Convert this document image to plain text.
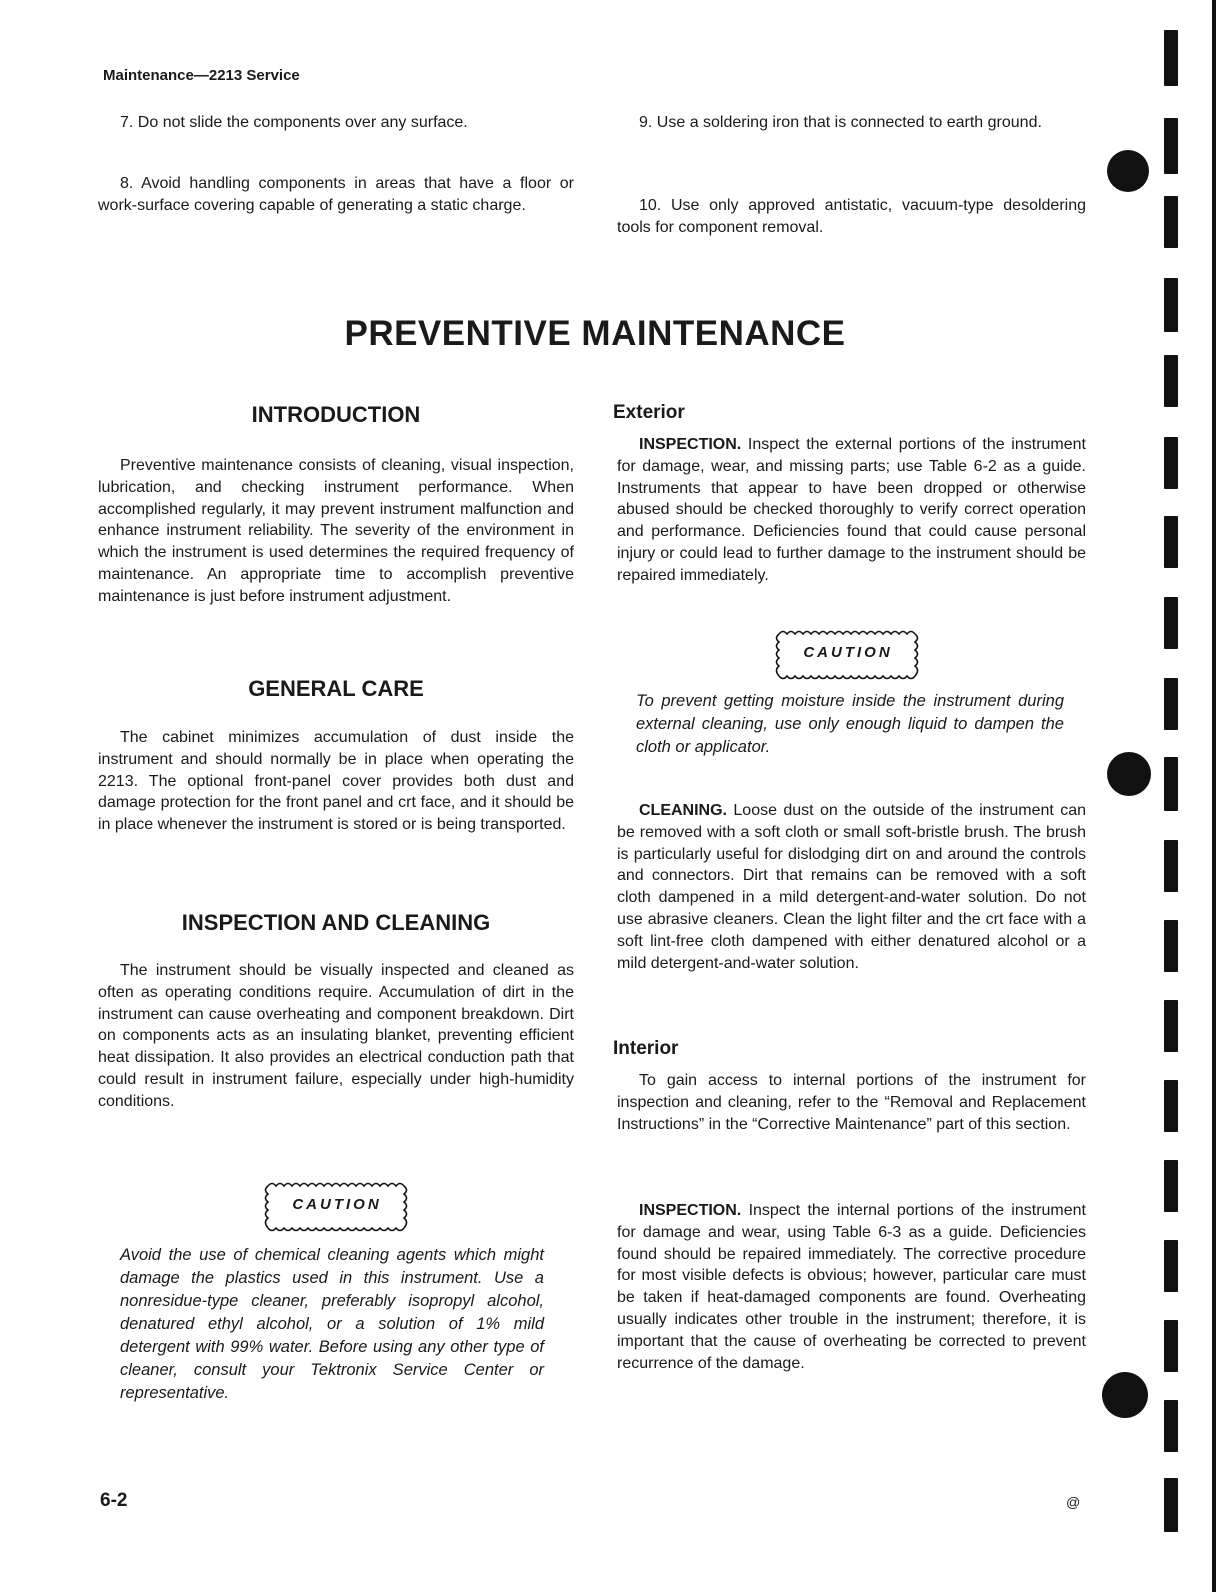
Maintenance—2213 Service

7. Do not slide the components over any surface.

8. Avoid handling components in areas that have a floor or work-surface covering capable of generating a static charge.

9. Use a soldering iron that is connected to earth ground.

10. Use only approved antistatic, vacuum-type desoldering tools for component removal.

PREVENTIVE MAINTENANCE
INTRODUCTION

Preventive maintenance consists of cleaning, visual inspection, lubrication, and checking instrument performance. When accomplished regularly, it may prevent instrument malfunction and enhance instrument reliability. The severity of the environment in which the instrument is used determines the required frequency of maintenance. An appropriate time to accomplish preventive maintenance is just before instrument adjustment.

GENERAL CARE

The cabinet minimizes accumulation of dust inside the instrument and should normally be in place when operating the 2213. The optional front-panel cover provides both dust and damage protection for the front panel and crt face, and it should be in place whenever the instrument is stored or is being transported.

INSPECTION AND CLEANING

The instrument should be visually inspected and cleaned as often as operating conditions require. Accumulation of dirt in the instrument can cause overheating and component breakdown. Dirt on components acts as an insulating blanket, preventing efficient heat dissipation. It also provides an electrical conduction path that could result in instrument failure, especially under high-humidity conditions.

CAUTION

Avoid the use of chemical cleaning agents which might damage the plastics used in this instrument. Use a nonresidue-type cleaner, preferably isopropyl alcohol, denatured ethyl alcohol, or a solution of 1% mild detergent with 99% water. Before using any other type of cleaner, consult your Tektronix Service Center or representative.

Exterior

INSPECTION. Inspect the external portions of the instrument for damage, wear, and missing parts; use Table 6-2 as a guide. Instruments that appear to have been dropped or otherwise abused should be checked thoroughly to verify correct operation and performance. Deficiencies found that could cause personal injury or could lead to further damage to the instrument should be repaired immediately.

CAUTION

To prevent getting moisture inside the instrument during external cleaning, use only enough liquid to dampen the cloth or applicator.

CLEANING. Loose dust on the outside of the instrument can be removed with a soft cloth or small soft-bristle brush. The brush is particularly useful for dislodging dirt on and around the controls and connectors. Dirt that remains can be removed with a soft cloth dampened in a mild detergent-and-water solution. Do not use abrasive cleaners. Clean the light filter and the crt face with a soft lint-free cloth dampened with either denatured alcohol or a mild detergent-and-water solution.

Interior

To gain access to internal portions of the instrument for inspection and cleaning, refer to the “Removal and Replacement Instructions” in the “Corrective Maintenance” part of this section.

INSPECTION. Inspect the internal portions of the instrument for damage and wear, using Table 6-3 as a guide. Deficiencies found should be repaired immediately. The corrective procedure for most visible defects is obvious; however, particular care must be taken if heat-damaged components are found. Overheating usually indicates other trouble in the instrument; therefore, it is important that the cause of overheating be corrected to prevent recurrence of the damage.

6-2	@
